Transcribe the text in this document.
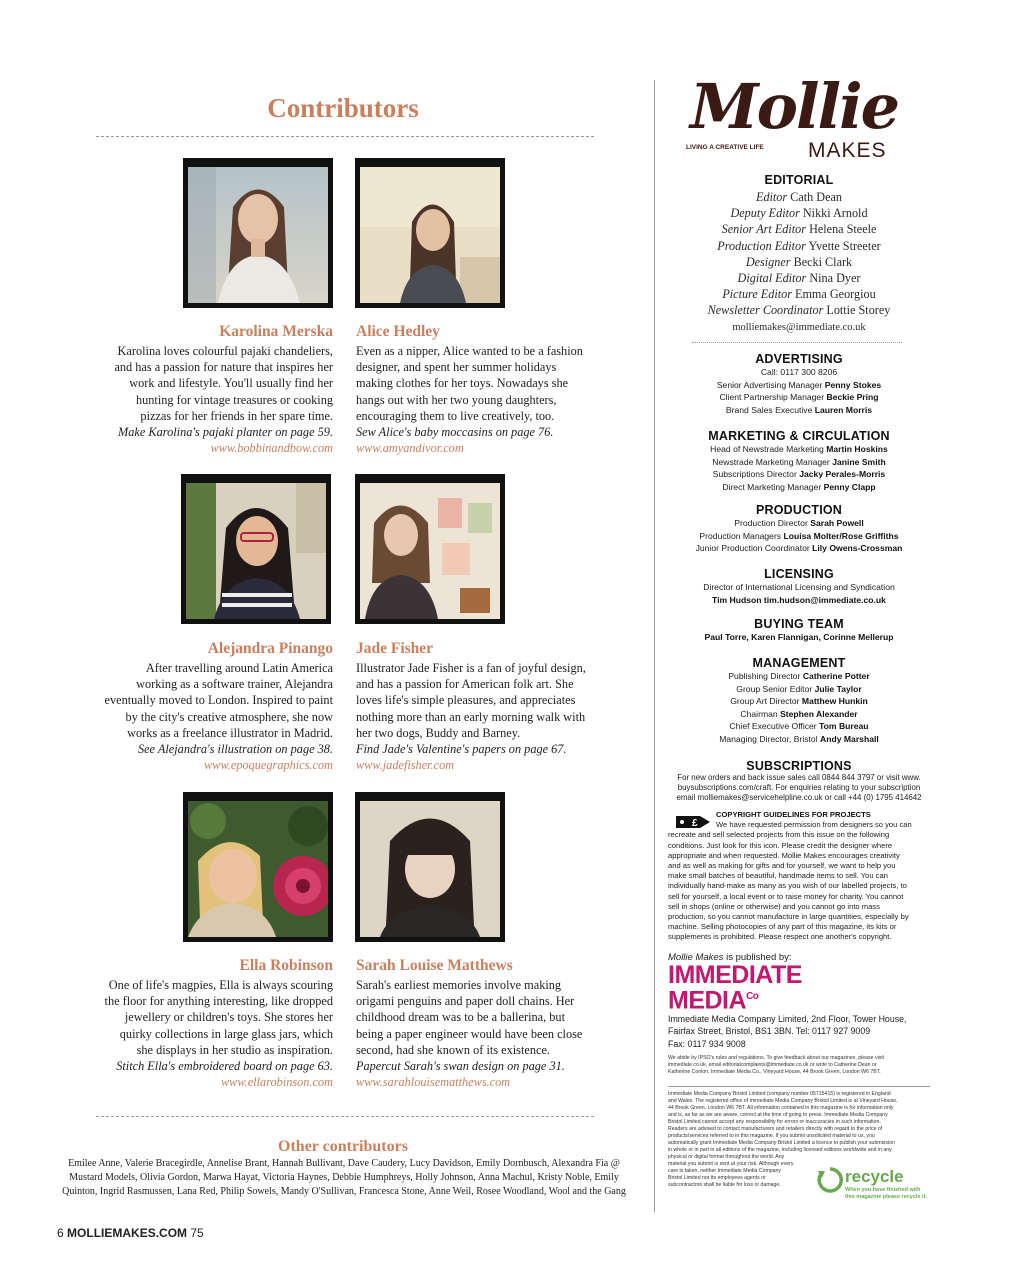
Contributors
Karolina Merska
Karolina loves colourful pajaki chandeliers,
and has a passion for nature that inspires her
work and lifestyle. You'll usually find her
hunting for vintage treasures or cooking
pizzas for her friends in her spare time.
Make Karolina's pajaki planter on page 59.
www.bobbinandbow.com
Alice Hedley
Even as a nipper, Alice wanted to be a fashion
designer, and spent her summer holidays
making clothes for her toys. Nowadays she
hangs out with her two young daughters,
encouraging them to live creatively, too.
Sew Alice's baby moccasins on page 76.
www.amyandivor.com
Alejandra Pinango
After travelling around Latin America
working as a software trainer, Alejandra
eventually moved to London. Inspired to paint
by the city's creative atmosphere, she now
works as a freelance illustrator in Madrid.
See Alejandra's illustration on page 38.
www.epoquegraphics.com
Jade Fisher
Illustrator Jade Fisher is a fan of joyful design,
and has a passion for American folk art. She
loves life's simple pleasures, and appreciates
nothing more than an early morning walk with
her two dogs, Buddy and Barney.
Find Jade's Valentine's papers on page 67.
www.jadefisher.com
Ella Robinson
One of life's magpies, Ella is always scouring
the floor for anything interesting, like dropped
jewellery or children's toys. She stores her
quirky collections in large glass jars, which
she displays in her studio as inspiration.
Stitch Ella's embroidered board on page 63.
www.ellarobinson.com
Sarah Louise Matthews
Sarah's earliest memories involve making
origami penguins and paper doll chains. Her
childhood dream was to be a ballerina, but
being a paper engineer would have been close
second, had she known of its existence.
Papercut Sarah's swan design on page 31.
www.sarahlouisematthews.com
Other contributors
Emilee Anne, Valerie Bracegirdle, Annelise Brant, Hannah Bullivant, Dave Caudery, Lucy Davidson, Emily Dornbusch, Alexandra Fia @ Mustard Models, Olivia Gordon, Marwa Hayat, Victoria Haynes, Debbie Humphreys, Holly Johnson, Anna Machul, Kristy Noble, Emily Quinton, Ingrid Rasmussen, Lana Red, Philip Sowels, Mandy O'Sullivan, Francesca Stone, Anne Weil, Rosee Woodland, Wool and the Gang
6 MOLLIEMAKES.COM 75
Mollie
LIVING A CREATIVE LIFE MAKES
EDITORIAL
Editor Cath Dean
Deputy Editor Nikki Arnold
Senior Art Editor Helena Steele
Production Editor Yvette Streeter
Designer Becki Clark
Digital Editor Nina Dyer
Picture Editor Emma Georgiou
Newsletter Coordinator Lottie Storey
molliemakes@immediate.co.uk
ADVERTISING
Call: 0117 300 8206
Senior Advertising Manager Penny Stokes
Client Partnership Manager Beckie Pring
Brand Sales Executive Lauren Morris
MARKETING & CIRCULATION
Head of Newstrade Marketing Martin Hoskins
Newstrade Marketing Manager Janine Smith
Subscriptions Director Jacky Perales-Morris
Direct Marketing Manager Penny Clapp
PRODUCTION
Production Director Sarah Powell
Production Managers Louisa Molter/Rose Griffiths
Junior Production Coordinator Lily Owens-Crossman
LICENSING
Director of International Licensing and Syndication
Tim Hudson tim.hudson@immediate.co.uk
BUYING TEAM
Paul Torre, Karen Flannigan, Corinne Mellerup
MANAGEMENT
Publishing Director Catherine Potter
Group Senior Editor Julie Taylor
Group Art Director Matthew Hunkin
Chairman Stephen Alexander
Chief Executive Officer Tom Bureau
Managing Director, Bristol Andy Marshall
SUBSCRIPTIONS
For new orders and back issue sales call 0844 844 3797 or visit www.
buysubscriptions.com/craft. For enquiries relating to your subscription
email molliemakes@servicehelpline.co.uk or call +44 (0) 1795 414642
£
COPYRIGHT GUIDELINES FOR PROJECTS
We have requested permission from designers so you can
recreate and sell selected projects from this issue on the following
conditions. Just look for this icon. Please credit the designer where
appropriate and when requested. Mollie Makes encourages creativity
and as well as making for gifts and for yourself, we want to help you
make small batches of beautiful, handmade items to sell. You can
individually hand-make as many as you wish of our labelled projects, to
sell for yourself, a local event or to raise money for charity. You cannot
sell in shops (online or otherwise) and you cannot go into mass
production, so you cannot manufacture in large quantities, especially by
machine. Selling photocopies of any part of this magazine, its kits or
supplements is prohibited. Please respect one another's copyright.
Mollie Makes is published by:
IMMEDIATE
$MEDIA^{Co}$
Immediate Media Company Limited, 2nd Floor, Tower House,
Fairfax Street, Bristol, BS1 3BN. Tel: 0117 927 9009
Fax: 0117 934 9008
We abide by IPSO's rules and regulations. To give feedback about our magazines, please visit
immediate.co.uk, email editorialcomplaints@immediate.co.uk or write to Catherine Dean or
Katherine Conlon, Immediate Media Co., Vineyard House, 44 Brook Green, London W6 7BT.
Immediate Media Company Bristol Limited (company number 05715415) is registered in England
and Wales. The registered office of Immediate Media Company Bristol Limited is at Vineyard House,
44 Brook Green, London W6 7BT. All information contained in this magazine is for information only
and is, as far as we are aware, correct at the time of going to press. Immediate Media Company
Bristol Limited cannot accept any responsibility for errors or inaccuracies in such information.
Readers are advised to contact manufacturers and retailers directly with regard to the price of
products/services referred to in this magazine. If you submit unsolicited material to us, you
automatically grant Immediate Media Company Bristol Limited a licence to publish your submission
in whole or in part in all editions of the magazine, including licensed editions worldwide and in any
physical or digital format throughout the world. Any
material you submit is sent at your risk. Although every
care is taken, neither Immediate Media Company
Bristol Limited nor its employees agents or
subcontractors shall be liable for loss or damage.	recycle
When you have finished with
this magazine please recycle it.
